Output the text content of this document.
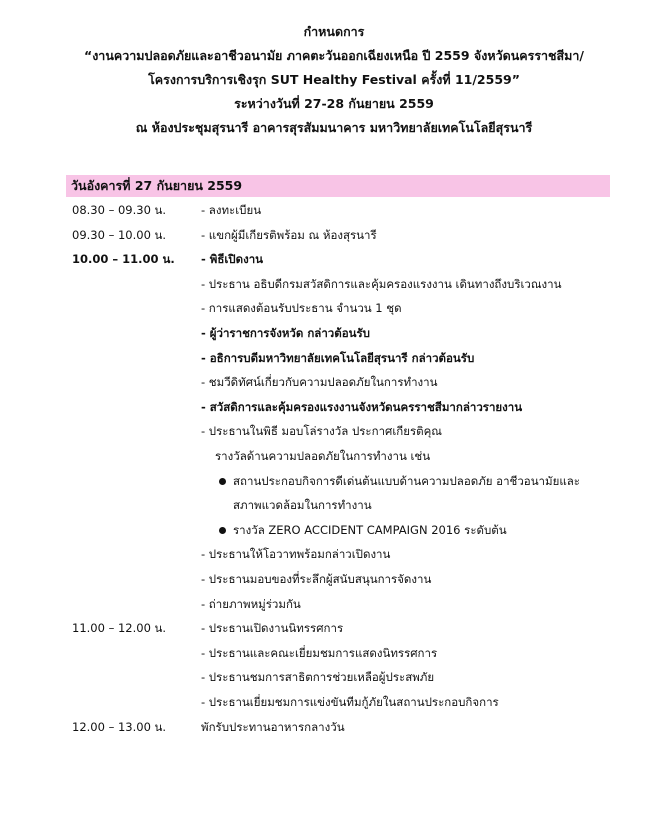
กำหนดการ
“งานความปลอดภัยและอาชีวอนามัย ภาคตะวันออกเฉียงเหนือ ปี 2559 จังหวัดนครราชสีมา/
โครงการบริการเชิงรุก SUT Healthy Festival ครั้งที่ 11/2559”
ระหว่างวันที่ 27-28 กันยายน 2559
ณ ห้องประชุมสุรนารี อาคารสุรสัมมนาคาร มหาวิทยาลัยเทคโนโลยีสุรนารี
วันอังคารที่ 27 กันยายน 2559
08.30 – 09.30 น.	- ลงทะเบียน
09.30 – 10.00 น.	- แขกผู้มีเกียรติพร้อม ณ ห้องสุรนารี
10.00 – 11.00 น. - พิธีเปิดงาน
- ประธาน อธิบดีกรมสวัสดิการและคุ้มครองแรงงาน เดินทางถึงบริเวณงาน
- การแสดงต้อนรับประธาน จำนวน 1 ชุด
- ผู้ว่าราชการจังหวัด กล่าวต้อนรับ
- อธิการบดีมหาวิทยาลัยเทคโนโลยีสุรนารี กล่าวต้อนรับ
- ชมวีดิทัศน์เกี่ยวกับความปลอดภัยในการทำงาน
- สวัสดิการและคุ้มครองแรงงานจังหวัดนครราชสีมากล่าวรายงาน
- ประธานในพิธี มอบโล่รางวัล ประกาศเกียรติคุณ
รางวัลด้านความปลอดภัยในการทำงาน เช่น
สถานประกอบกิจการดีเด่นต้นแบบด้านความปลอดภัย อาชีวอนามัยและ
สภาพแวดล้อมในการทำงาน
รางวัล ZERO ACCIDENT CAMPAIGN 2016 ระดับต้น
- ประธานให้โอวาทพร้อมกล่าวเปิดงาน
- ประธานมอบของที่ระลึกผู้สนับสนุนการจัดงาน
- ถ่ายภาพหมู่ร่วมกัน
11.00 – 12.00 น.	- ประธานเปิดงานนิทรรศการ
- ประธานและคณะเยี่ยมชมการแสดงนิทรรศการ
- ประธานชมการสาธิตการช่วยเหลือผู้ประสพภัย
- ประธานเยี่ยมชมการแข่งขันทีมกู้ภัยในสถานประกอบกิจการ
12.00 – 13.00 น.	พักรับประทานอาหารกลางวัน
